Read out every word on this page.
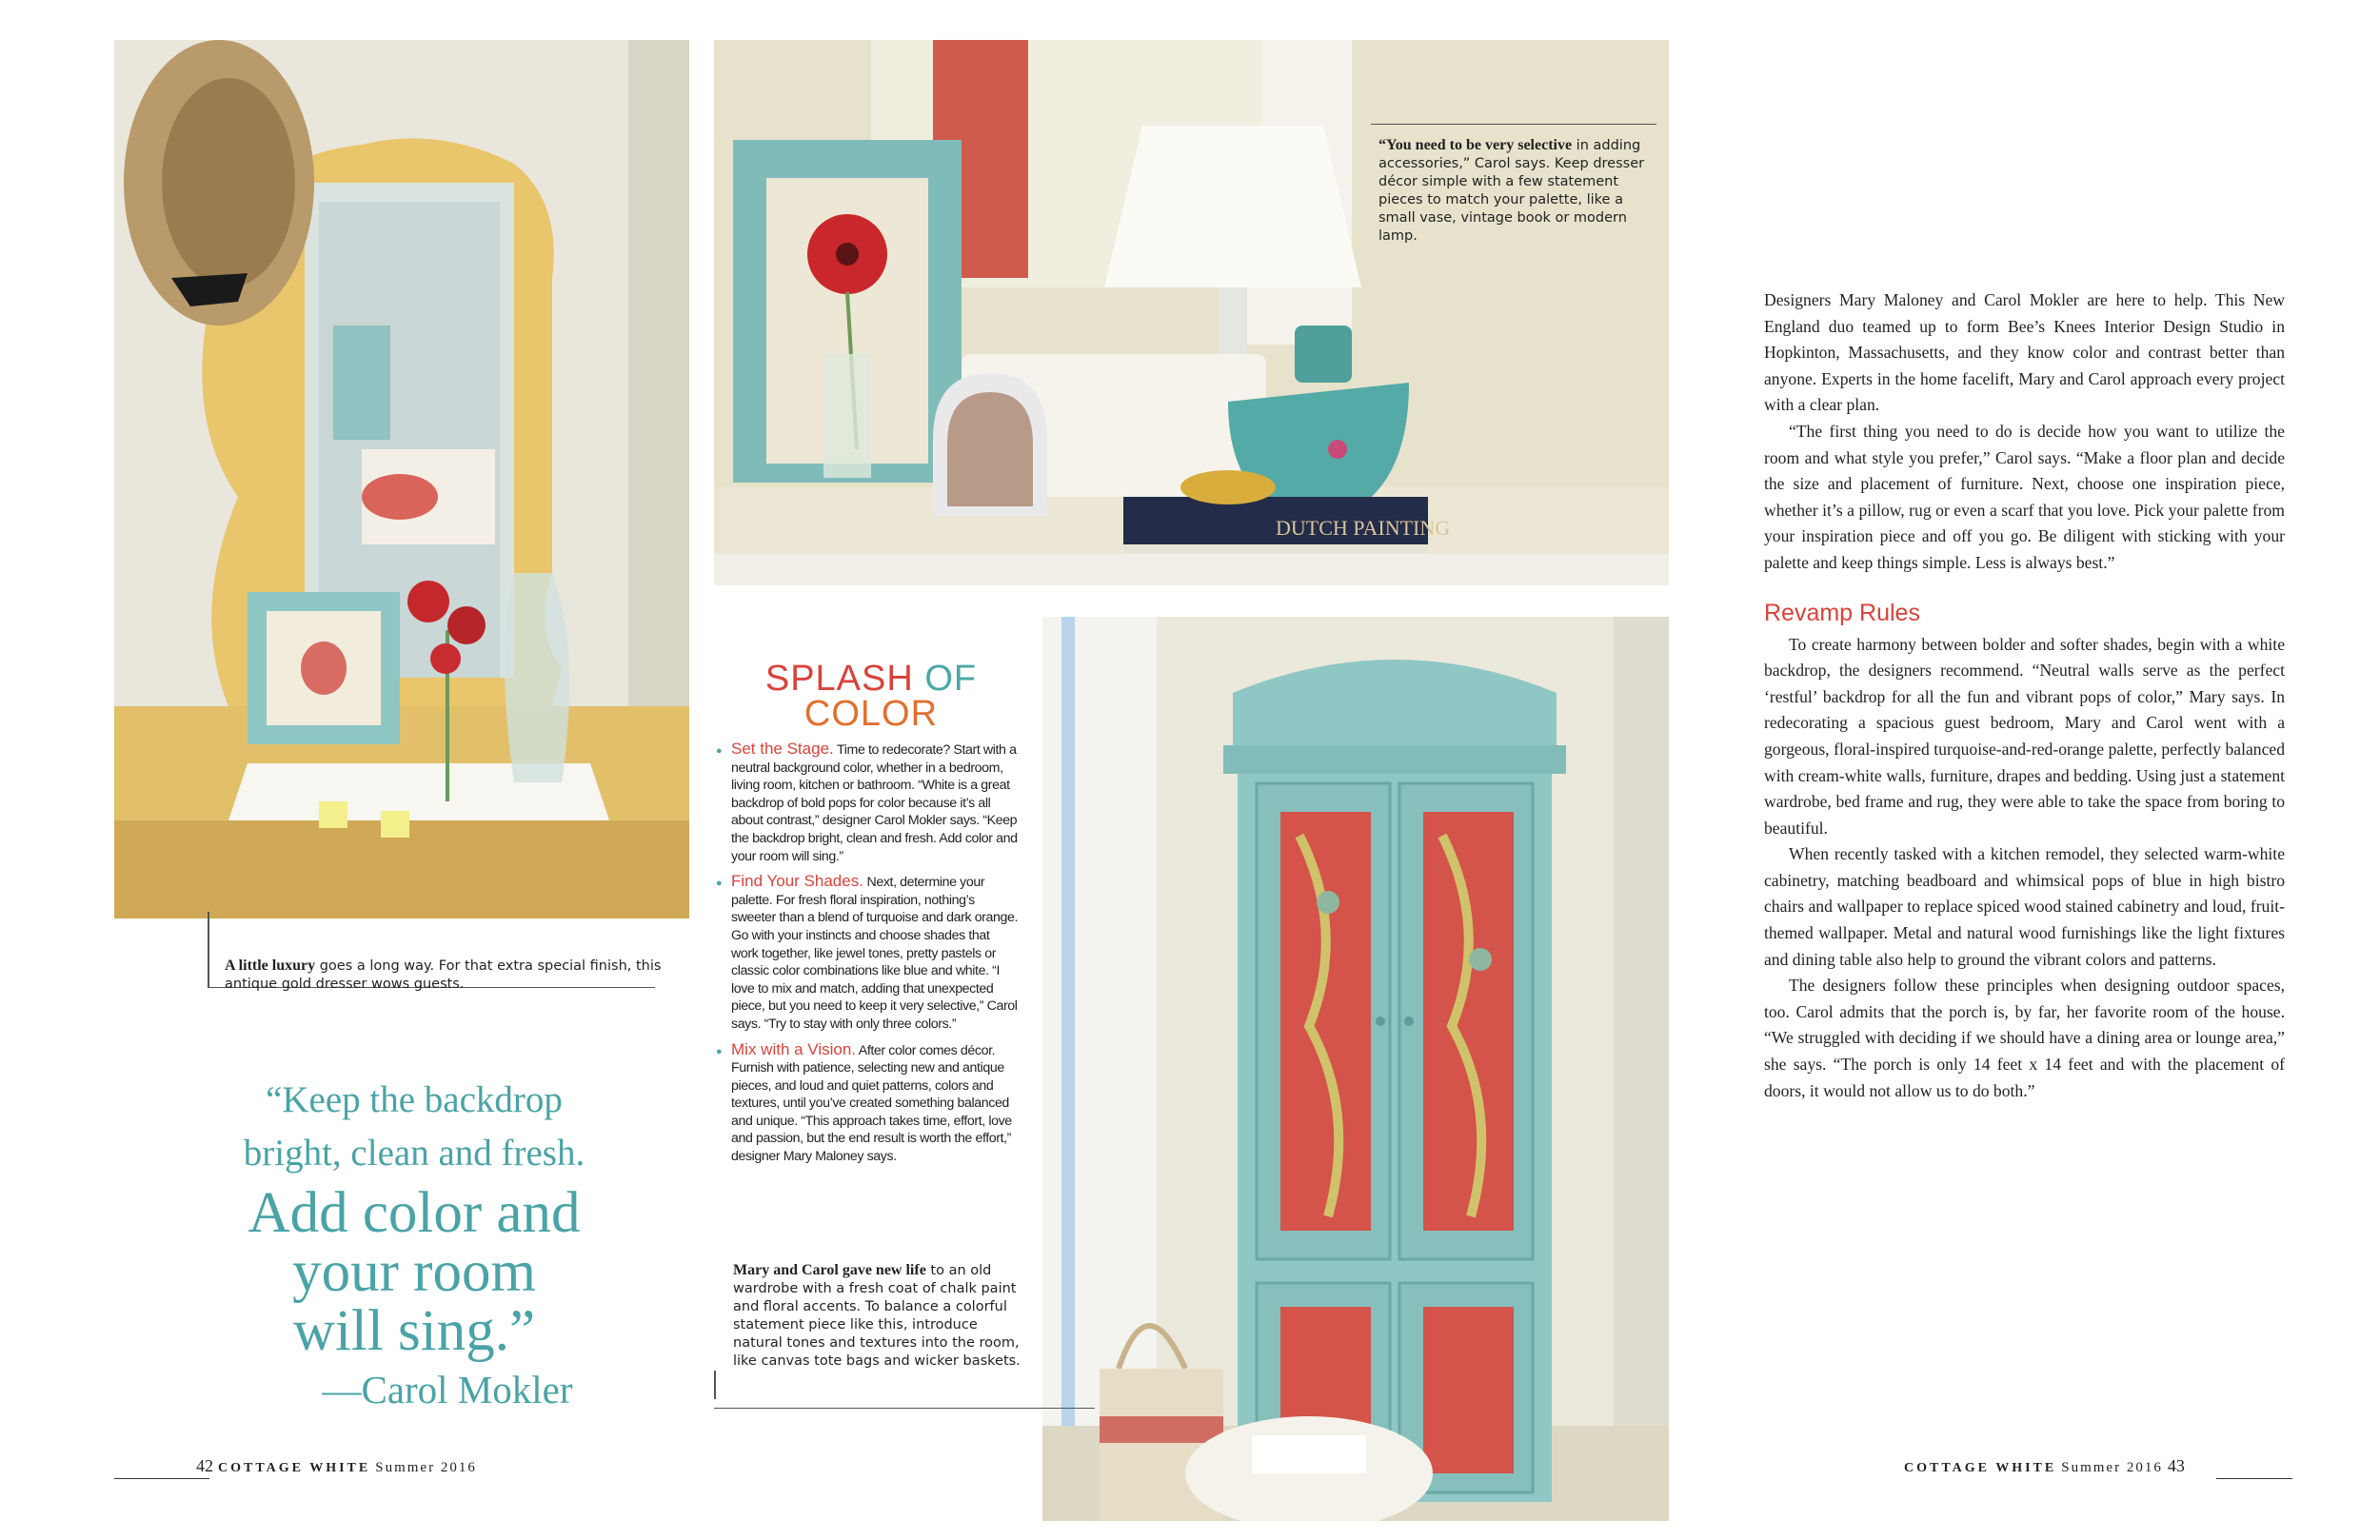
DUTCH PAINTING
A little luxury goes a long way. For that extra special finish, this antique gold dresser wows guests.
“You need to be very selective in adding accessories,” Carol says. Keep dresser décor simple with a few statement pieces to match your palette, like a small vase, vintage book or modern lamp.
Mary and Carol gave new life to an old wardrobe with a fresh coat of chalk paint and floral accents. To balance a colorful statement piece like this, introduce natural tones and textures into the room, like canvas tote bags and wicker baskets.
SPLASH OF
COLOR
● Set the Stage. Time to redecorate? Start with a neutral background color, whether in a bedroom, living room, kitchen or bathroom. “White is a great backdrop of bold pops for color because it’s all about contrast,” designer Carol Mokler says. “Keep the backdrop bright, clean and fresh. Add color and your room will sing.”
● Find Your Shades. Next, determine your palette. For fresh floral inspiration, nothing’s sweeter than a blend of turquoise and dark orange. Go with your instincts and choose shades that work together, like jewel tones, pretty pastels or classic color combinations like blue and white. “I love to mix and match, adding that unexpected piece, but you need to keep it very selective,” Carol says. “Try to stay with only three colors.”
● Mix with a Vision. After color comes décor. Furnish with patience, selecting new and antique pieces, and loud and quiet patterns, colors and textures, until you’ve created something balanced and unique. “This approach takes time, effort, love and passion, but the end result is worth the effort,” designer Mary Maloney says.
“Keep the backdrop
bright, clean and fresh.
Add color and
your room
will sing.”
—Carol Mokler

Designers Mary Maloney and Carol Mokler are here to help. This New England duo teamed up to form Bee’s Knees Interior Design Studio in Hopkinton, Massachusetts, and they know color and contrast better than anyone. Experts in the home facelift, Mary and Carol approach every project with a clear plan.

“The first thing you need to do is decide how you want to utilize the room and what style you prefer,” Carol says. “Make a floor plan and decide the size and placement of furniture. Next, choose one inspiration piece, whether it’s a pillow, rug or even a scarf that you love. Pick your palette from your inspiration piece and off you go. Be diligent with sticking with your palette and keep things simple. Less is always best.”

Revamp Rules

To create harmony between bolder and softer shades, begin with a white backdrop, the designers recommend. “Neutral walls serve as the perfect ‘restful’ backdrop for all the fun and vibrant pops of color,” Mary says. In redecorating a spacious guest bedroom, Mary and Carol went with a gorgeous, floral-inspired turquoise-and-red-orange palette, perfectly balanced with cream-white walls, furniture, drapes and bedding. Using just a statement wardrobe, bed frame and rug, they were able to take the space from boring to beautiful.

When recently tasked with a kitchen remodel, they selected warm-white cabinetry, matching beadboard and whimsical pops of blue in high bistro chairs and wallpaper to replace spiced wood stained cabinetry and loud, fruit-themed wallpaper. Metal and natural wood furnishings like the light fixtures and dining table also help to ground the vibrant colors and patterns.

The designers follow these principles when designing outdoor spaces, too. Carol admits that the porch is, by far, her favorite room of the house. “We struggled with deciding if we should have a dining area or lounge area,” she says. “The porch is only 14 feet x 14 feet and with the placement of doors, it would not allow us to do both.”

42 COTTAGE WHITE Summer 2016	COTTAGE WHITE Summer 2016 43
